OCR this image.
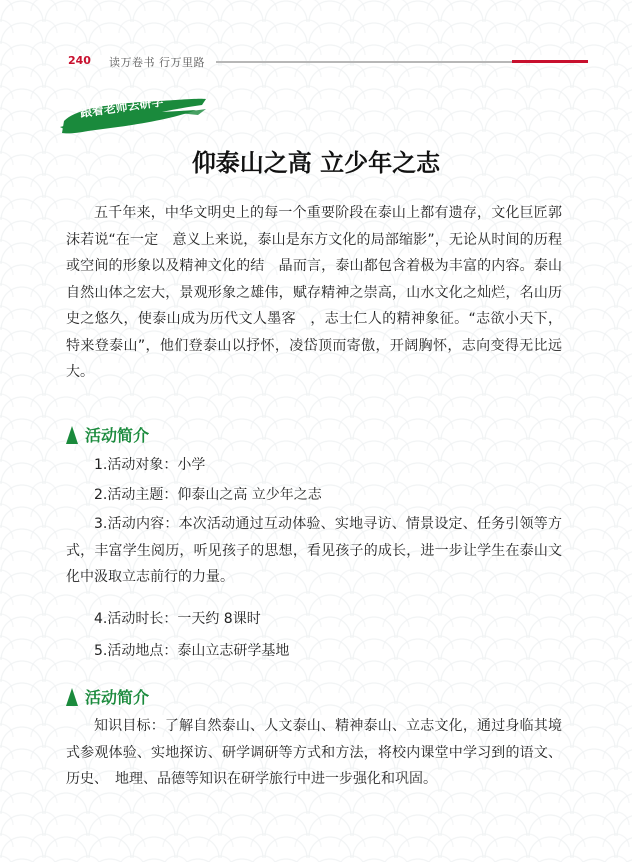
240 读万卷书 行万里路
跟着老师去研学
仰泰山之高 立少年之志

五千年来，中华文明史上的每一个重要阶段在泰山上都有遗存，文化巨匠郭沫若说“在一定　意义上来说，泰山是东方文化的局部缩影”，无论从时间的历程或空间的形象以及精神文化的结　晶而言，泰山都包含着极为丰富的内容。泰山自然山体之宏大，景观形象之雄伟，赋存精神之崇高，山水文化之灿烂，名山历史之悠久，使泰山成为历代文人墨客　，志士仁人的精神象征。“志欲小天下，特来登泰山”，他们登泰山以抒怀，凌岱顶而寄傲，开阔胸怀，志向变得无比远大。

活动简介

1.活动对象：小学

2.活动主题：仰泰山之高 立少年之志

3.活动内容：本次活动通过互动体验、实地寻访、情景设定、任务引领等方式，丰富学生阅历，听见孩子的思想，看见孩子的成长，进一步让学生在泰山文化中汲取立志前行的力量。

4.活动时长：一天约 8课时

5.活动地点：泰山立志研学基地

活动简介

知识目标：了解自然泰山、人文泰山、精神泰山、立志文化，通过身临其境式参观体验、实地探访、研学调研等方式和方法，将校内课堂中学习到的语文、历史、　地理、品德等知识在研学旅行中进一步强化和巩固。
